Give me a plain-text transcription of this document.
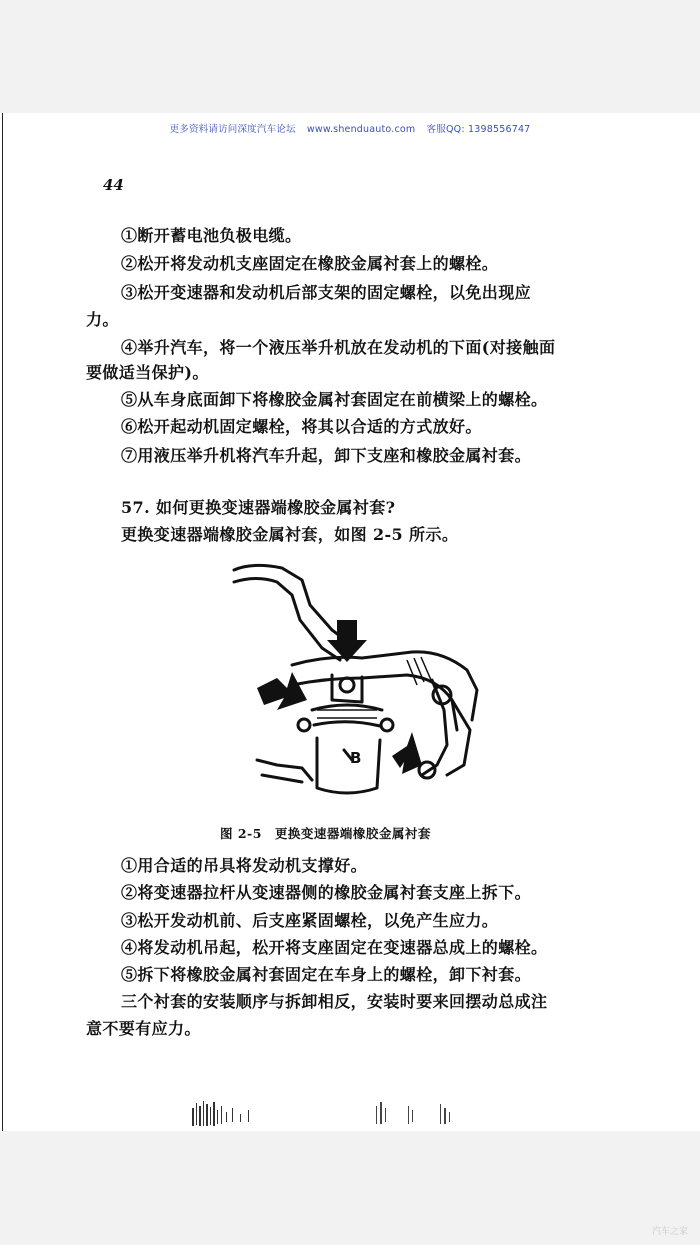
更多资料请访问深度汽车论坛 www.shenduauto.com 客服QQ: 1398556747
44
①断开蓄电池负极电缆。
②松开将发动机支座固定在橡胶金属衬套上的螺栓。
③松开变速器和发动机后部支架的固定螺栓，以免出现应
力。
④举升汽车，将一个液压举升机放在发动机的下面(对接触面
要做适当保护)。
⑤从车身底面卸下将橡胶金属衬套固定在前横梁上的螺栓。
⑥松开起动机固定螺栓，将其以合适的方式放好。
⑦用液压举升机将汽车升起，卸下支座和橡胶金属衬套。
57. 如何更换变速器端橡胶金属衬套?
更换变速器端橡胶金属衬套，如图 2-5 所示。
B
图 2-5　更换变速器端橡胶金属衬套
①用合适的吊具将发动机支撑好。
②将变速器拉杆从变速器侧的橡胶金属衬套支座上拆下。
③松开发动机前、后支座紧固螺栓，以免产生应力。
④将发动机吊起，松开将支座固定在变速器总成上的螺栓。
⑤拆下将橡胶金属衬套固定在车身上的螺栓，卸下衬套。
三个衬套的安装顺序与拆卸相反，安装时要来回摆动总成注
意不要有应力。
汽车之家
